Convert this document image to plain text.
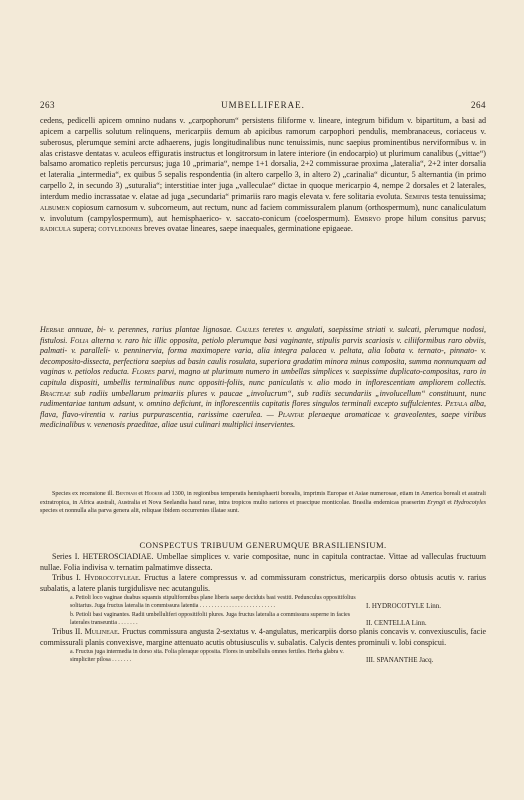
263	UMBELLIFERAE.	264

cedens, pedicelli apicem omnino nudans v. „carpophorum“ persistens filiforme v. lineare, integrum bifidum v. bipartitum, a basi ad apicem a carpellis solutum relinquens, mericarpiis demum ab apicibus ramorum carpophori pendulis, membranaceus, coriaceus v. suberosus, plerumque semini arcte adhaerens, jugis longitudinalibus nunc tenuissimis, nunc saepius prominentibus nerviformibus v. in alas cristasve dentatas v. aculeos effiguratis instructus et longitrorsum in latere interiore (in endocarpio) ut plurimum canalibus („vittae“) balsamo aromatico repletis percursus; juga 10 „primaria“, nempe 1+1 dorsalia, 2+2 commissurae proxima „lateralia“, 2+2 inter dorsalia et lateralia „intermedia“, ex quibus 5 sepalis respondentia (in altero carpello 3, in altero 2) „carinalia“ dicuntur, 5 alternantia (in primo carpello 2, in secundo 3) „suturalia“; interstitiae inter juga „valleculae“ dictae in quoque mericarpio 4, nempe 2 dorsales et 2 laterales, interdum medio incrassatae v. elatae ad juga „secundaria“ primariis raro magis elevata v. fere solitaria evoluta. Seminis testa tenuissima; albumen copiosum carnosum v. subcorneum, aut rectum, nunc ad faciem commissuralem planum (orthospermum), nunc canaliculatum v. involutum (campylospermum), aut hemisphaerico- v. saccato-conicum (coelospermum). Embryo prope hilum consitus parvus; radicula supera; cotyledones breves ovatae lineares, saepe inaequales, germinatione epigaeae.

Herbae annuae, bi- v. perennes, rarius plantae lignosae. Caules teretes v. angulati, saepissime striati v. sulcati, plerumque nodosi, fistulosi. Folia alterna v. raro hic illic opposita, petiolo plerumque basi vaginante, stipulis parvis scariosis v. ciliiformibus raro obviis, palmati- v. paralleli- v. penninervia, forma maximopere varia, alia integra palacea v. peltata, alia lobata v. ternato-, pinnato- v. decomposito-dissecta, perfectiora saepius ad basin caulis rosulata, superiora gradatim minora minus composita, summa nonnunquam ad vaginas v. petiolos reducta. Flores parvi, magno ut plurimum numero in umbellas simplices v. saepissime duplicato-compositas, raro in capitula dispositi, umbellis terminalibus nunc oppositi-foliis, nunc paniculatis v. alio modo in inflorescentiam ampliorem collectis. Bracteae sub radiis umbellarum primariis plures v. paucae „involucrum“, sub radiis secundariis „involucellum“ constituunt, nunc rudimentariae tantum adsunt, v. omnino deficiunt, in inflorescentiis capitatis flores singulos terminali excepto suffulcientes. Petala alba, flava, flavo-virentia v. rarius purpurascentia, rarissime caerulea. — Plantae pleraeque aromaticae v. graveolentes, saepe viribus medicinalibus v. venenosis praeditae, aliae usui culinari multiplici inservientes.

Species ex recensione ill. Bentham et Hooker ad 1300, in regionibus temperatis hemisphaerii borealis, imprimis Europae et Asiae numerosae, etiam in America boreali et australi extratropica, in Africa australi, Australia et Nova Seelandia haud rarae, intra tropicos multo rariores et praecipue monticolae. Brasilia endemicas praeserim Eryngii et Hydrocotyles species et nonnulla alia parva genera alit, reliquae ibidem occurrentes illatae sunt.

CONSPECTUS TRIBUUM GENERUMQUE BRASILIENSIUM.

Series I. HETEROSCIADIAE. Umbellae simplices v. varie compositae, nunc in capitula contractae. Vittae ad valleculas fructuum nullae. Folia indivisa v. ternatim palmatimve dissecta.

Tribus I. Hydrocotyleae. Fructus a latere compressus v. ad commissuram constrictus, mericarpiis dorso obtusis acutis v. rarius subalatis, a latere planis turgidulisve nec acutangulis.

a. Petioli loco vaginae duabus squamis stipuliformibus plane liberis saepe deciduis basi vestiti. Pedunculus oppositifolius solitarius. Juga fructus lateralia in commissura latentia . . . . . . . . . . . . . . . . . . . . . . . . . .	I. HYDROCOTYLE Linn.
b. Petioli basi vaginantes. Radii umbelluliferi oppositifolii plures. Juga fructus lateralia a commissura superne in facies laterales transeuntia . . . . . . .	II. CENTELLA Linn.

Tribus II. Mulineae. Fructus commissura angusta 2-sextatus v. 4-angulatus, mericarpiis dorso planis concavis v. convexiusculis, facie commissurali planis convexisve, margine attenuato acutis obtusiusculis v. subalatis. Calycis dentes prominuli v. lobi conspicui.

a. Fructus juga intermedia in dorso sita. Folia pleraque opposita. Flores in umbellulis omnes fertiles. Herba glabra v. simpliciter pilosa . . . . . . .	III. SPANANTHE Jacq.
